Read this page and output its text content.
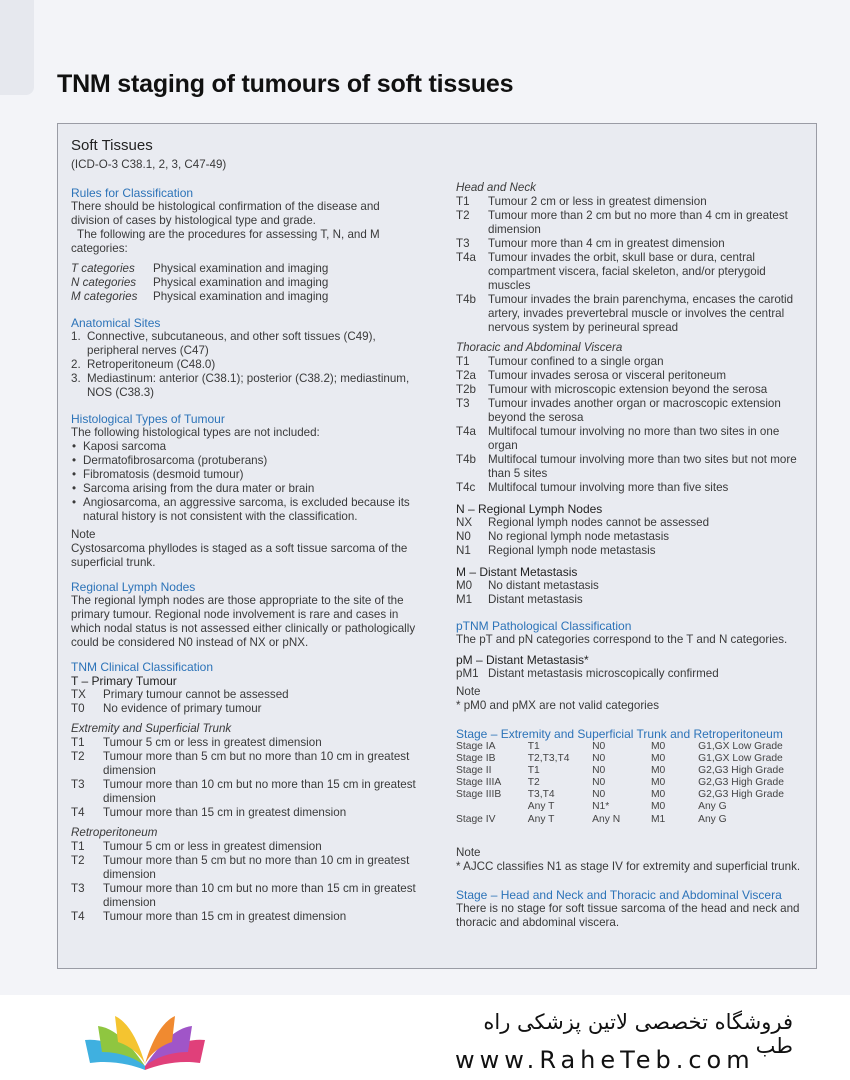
TNM staging of tumours of soft tissues
Soft Tissues
(ICD-O-3 C38.1, 2, 3, C47-49)
Rules for Classification

There should be histological confirmation of the disease and division of cases by histological type and grade.

The following are the procedures for assessing T, N, and M categories:

T categories	Physical examination and imaging
N categories	Physical examination and imaging
M categories	Physical examination and imaging
Anatomical Sites
1. Connective, subcutaneous, and other soft tissues (C49), peripheral nerves (C47)
2. Retroperitoneum (C48.0)
3. Mediastinum: anterior (C38.1); posterior (C38.2); mediastinum, NOS (C38.3)
Histological Types of Tumour

The following histological types are not included:

• Kaposi sarcoma
• Dermatofibrosarcoma (protuberans)
• Fibromatosis (desmoid tumour)
• Sarcoma arising from the dura mater or brain
• Angiosarcoma, an aggressive sarcoma, is excluded because its natural history is not consistent with the classification.

Note

Cystosarcoma phyllodes is staged as a soft tissue sarcoma of the superficial trunk.

Regional Lymph Nodes

The regional lymph nodes are those appropriate to the site of the primary tumour. Regional node involvement is rare and cases in which nodal status is not assessed either clinically or pathologically could be considered N0 instead of NX or pNX.

TNM Clinical Classification
T – Primary Tumour
TX	Primary tumour cannot be assessed
T0	No evidence of primary tumour
Extremity and Superficial Trunk
T1	Tumour 5 cm or less in greatest dimension
T2	Tumour more than 5 cm but no more than 10 cm in greatest dimension
T3	Tumour more than 10 cm but no more than 15 cm in greatest dimension
T4	Tumour more than 15 cm in greatest dimension
Retroperitoneum
T1	Tumour 5 cm or less in greatest dimension
T2	Tumour more than 5 cm but no more than 10 cm in greatest dimension
T3	Tumour more than 10 cm but no more than 15 cm in greatest dimension
T4	Tumour more than 15 cm in greatest dimension
Head and Neck
T1	Tumour 2 cm or less in greatest dimension
T2	Tumour more than 2 cm but no more than 4 cm in greatest dimension
T3	Tumour more than 4 cm in greatest dimension
T4a	Tumour invades the orbit, skull base or dura, central compartment viscera, facial skeleton, and/or pterygoid muscles
T4b	Tumour invades the brain parenchyma, encases the carotid artery, invades prevertebral muscle or involves the central nervous system by perineural spread
Thoracic and Abdominal Viscera
T1	Tumour confined to a single organ
T2a	Tumour invades serosa or visceral peritoneum
T2b	Tumour with microscopic extension beyond the serosa
T3	Tumour invades another organ or macroscopic extension beyond the serosa
T4a	Multifocal tumour involving no more than two sites in one organ
T4b	Multifocal tumour involving more than two sites but not more than 5 sites
T4c	Multifocal tumour involving more than five sites
N – Regional Lymph Nodes
NX	Regional lymph nodes cannot be assessed
N0	No regional lymph node metastasis
N1	Regional lymph node metastasis
M – Distant Metastasis
M0	No distant metastasis
M1	Distant metastasis
pTNM Pathological Classification

The pT and pN categories correspond to the T and N categories.

pM – Distant Metastasis*
pM1 Distant metastasis microscopically confirmed

Note

* pM0 and pMX are not valid categories

Stage – Extremity and Superficial Trunk and Retroperitoneum
Stage IA	T1	N0	M0	G1,GX Low Grade
Stage IB	T2,T3,T4	N0	M0	G1,GX Low Grade
Stage II	T1	N0	M0	G2,G3 High Grade
Stage IIIA	T2	N0	M0	G2,G3 High Grade
Stage IIIB	T3,T4	N0	M0	G2,G3 High Grade
	Any T	N1*	M0	Any G
Stage IV	Any T	Any N	M1	Any G

Note

* AJCC classifies N1 as stage IV for extremity and superficial trunk.

Stage – Head and Neck and Thoracic and Abdominal Viscera

There is no stage for soft tissue sarcoma of the head and neck and thoracic and abdominal viscera.

فروشگاه تخصصی لاتین پزشکی راه طب
www.RaheTeb.com
